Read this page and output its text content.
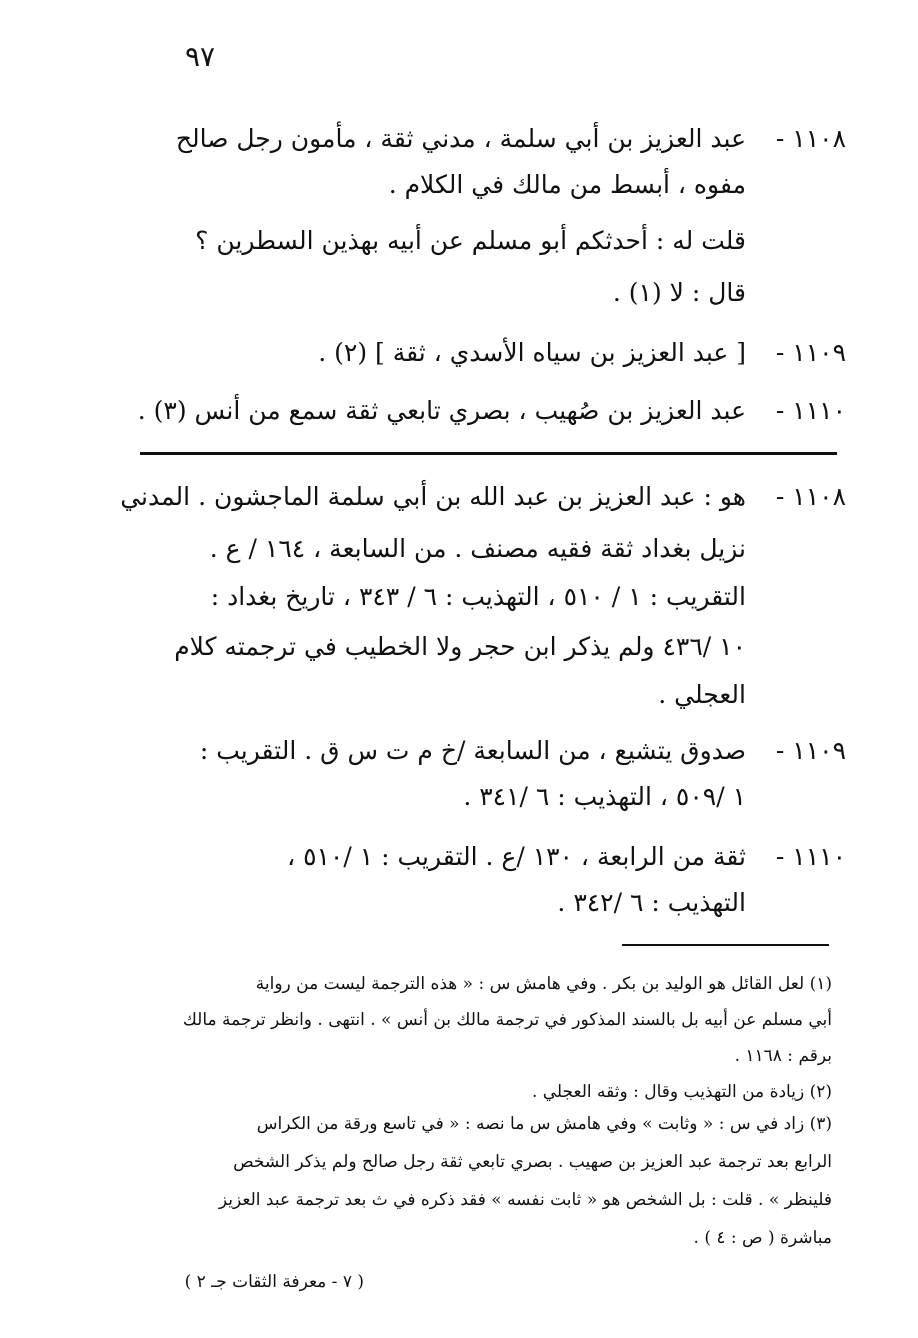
٩٧
١١٠٨ -
عبد العزيز بن أبي سلمة ، مدني ثقة ، مأمون رجل صالح
مفوه ، أبسط من مالك في الكلام .
قلت له : أحدثكم أبو مسلم عن أبيه بهذين السطرين ؟
قال : لا (١) .
١١٠٩ -
[ عبد العزيز بن سياه الأسدي ، ثقة ] (٢) .
١١١٠ -
عبد العزيز بن صُهيب ، بصري تابعي ثقة سمع من أنس (٣) .
١١٠٨ -
هو : عبد العزيز بن عبد الله بن أبي سلمة الماجشون . المدني
نزيل بغداد ثقة فقيه مصنف . من السابعة ، ١٦٤ / ع .
التقريب : ١ / ٥١٠ ، التهذيب : ٦ / ٣٤٣ ، تاريخ بغداد :
١٠ /٤٣٦ ولم يذكر ابن حجر ولا الخطيب في ترجمته كلام
العجلي .
١١٠٩ -
صدوق يتشيع ، من السابعة /خ م ت س ق . التقريب :
١ /٥٠٩ ، التهذيب : ٦ /٣٤١ .
١١١٠ -
ثقة من الرابعة ، ١٣٠ /ع . التقريب : ١ /٥١٠ ،
التهذيب : ٦ /٣٤٢ .
(١) لعل القائل هو الوليد بن بكر . وفي هامش س : « هذه الترجمة ليست من رواية
أبي مسلم عن أبيه بل بالسند المذكور في ترجمة مالك بن أنس » . انتهى . وانظر ترجمة مالك
برقم : ١١٦٨ .
(٢) زيادة من التهذيب وقال : وثقه العجلي .
(٣) زاد في س : « وثابت » وفي هامش س ما نصه : « في تاسع ورقة من الكراس
الرابع بعد ترجمة عبد العزيز بن صهيب . بصري تابعي ثقة رجل صالح ولم يذكر الشخص
فلينظر » . قلت : بل الشخص هو « ثابت نفسه » فقد ذكره في ث بعد ترجمة عبد العزيز
مباشرة ( ص : ٤ ) .
( ٧ - معرفة الثقات جـ ٢ )
